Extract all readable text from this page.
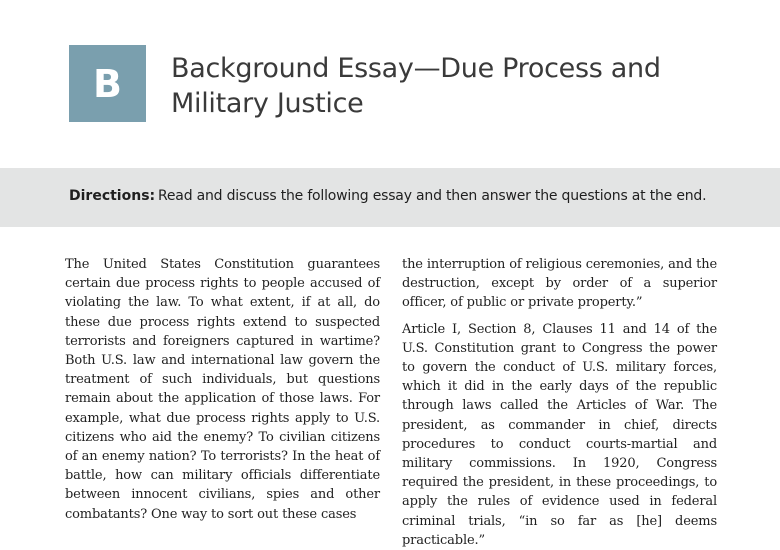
B Background Essay—Due Process and
Military Justice
Directions: Read and discuss the following essay and then answer the questions at the end.

The United States Constitution guarantees certain due process rights to people accused of violating the law. To what extent, if at all, do these due process rights extend to suspected terrorists and foreigners captured in wartime? Both U.S. law and international law govern the treatment of such individuals, but questions remain about the application of those laws. For example, what due process rights apply to U.S. citizens who aid the enemy? To civilian citizens of an enemy nation? To terrorists? In the heat of battle, how can military officials differentiate between innocent civilians, spies and other combatants? One way to sort out these cases

the interruption of religious ceremonies, and the destruction, except by order of a superior officer, of public or private property.”

Article I, Section 8, Clauses 11 and 14 of the U.S. Constitution grant to Congress the power to govern the conduct of U.S. military forces, which it did in the early days of the republic through laws called the Articles of War. The president, as commander in chief, directs procedures to conduct courts-martial and military commissions. In 1920, Congress required the president, in these proceedings, to apply the rules of evidence used in federal criminal trials, “in so far as [he] deems practicable.”
